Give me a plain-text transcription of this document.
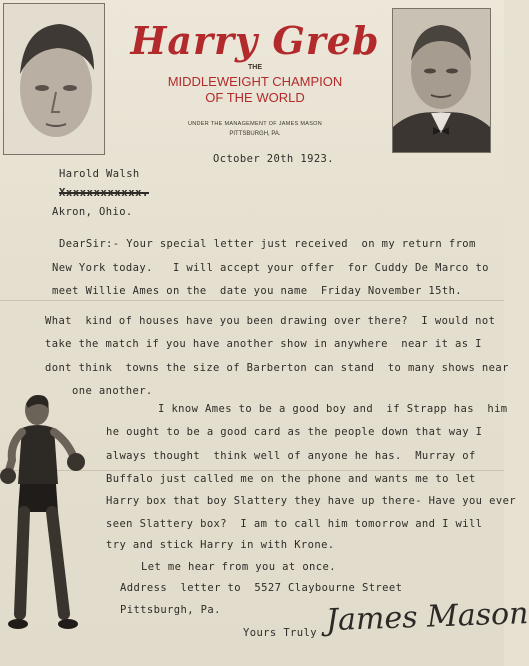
Harry Greb
THE
MIDDLEWEIGHT CHAMPION
OF THE WORLD
UNDER THE MANAGEMENT OF JAMES MASON
PITTSBURGH, PA.
October 20th 1923.
Harold Walsh
Xxxxxxxxxxxx.
Akron, Ohio.
DearSir:- Your special letter just received  on my return from
New York today.   I will accept your offer  for Cuddy De Marco to
meet Willie Ames on the  date you name  Friday November 15th.
What  kind of houses have you been drawing over there?  I would not
take the match if you have another show in anywhere  near it as I
dont think  towns the size of Barberton can stand  to many shows near
one another.
I know Ames to be a good boy and  if Strapp has  him
he ought to be a good card as the people down that way I
always thought  think well of anyone he has.  Murray of
Buffalo just called me on the phone and wants me to let
Harry box that boy Slattery they have up there- Have you ever
seen Slattery box?  I am to call him tomorrow and I will
try and stick Harry in with Krone.
Let me hear from you at once.
Address  letter to  5527 Claybourne Street
Pittsburgh, Pa.
Yours Truly James Mason
